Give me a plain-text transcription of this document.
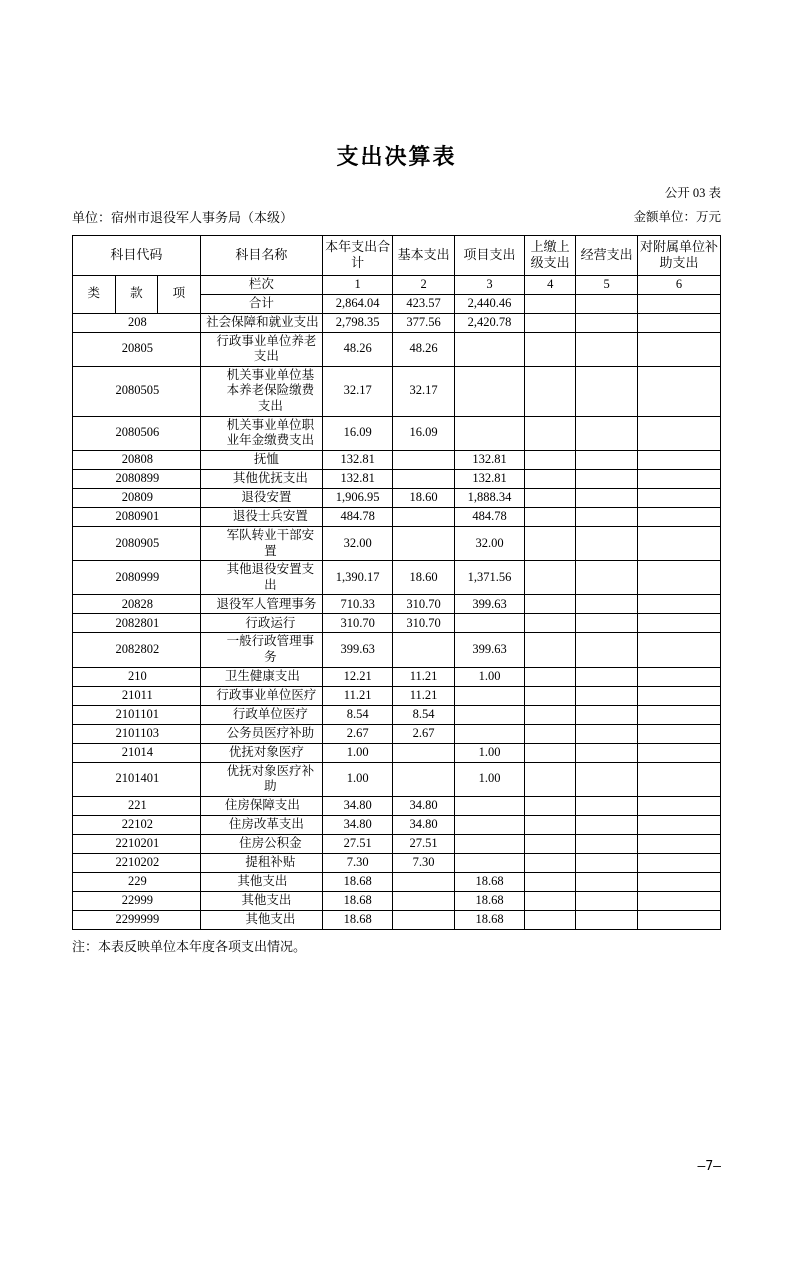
支出决算表
公开 03 表
单位：宿州市退役军人事务局（本级）	金额单位：万元
科目代码			科目名称	本年支出合计	基本支出	项目支出	上缴上级支出	经营支出	对附属单位补助支出

类	款	项	栏次	1	2	3	4	5	6
			合计	2,864.04	423.57	2,440.46			
208			社会保障和就业支出	2,798.35	377.56	2,420.78			
20805			行政事业单位养老支出	48.26	48.26				
2080505			机关事业单位基本养老保险缴费支出	32.17	32.17				
2080506			机关事业单位职业年金缴费支出	16.09	16.09				
20808			抚恤	132.81		132.81			
2080899			其他优抚支出	132.81		132.81			
20809			退役安置	1,906.95	18.60	1,888.34			
2080901			退役士兵安置	484.78		484.78			
2080905			军队转业干部安置	32.00		32.00			
2080999			其他退役安置支出	1,390.17	18.60	1,371.56			
20828			退役军人管理事务	710.33	310.70	399.63			
2082801			行政运行	310.70	310.70				
2082802			一般行政管理事务	399.63		399.63			
210			卫生健康支出	12.21	11.21	1.00			
21011			行政事业单位医疗	11.21	11.21				
2101101			行政单位医疗	8.54	8.54				
2101103			公务员医疗补助	2.67	2.67				
21014			优抚对象医疗	1.00		1.00			
2101401			优抚对象医疗补助	1.00		1.00			
221			住房保障支出	34.80	34.80				
22102			住房改革支出	34.80	34.80				
2210201			住房公积金	27.51	27.51				
2210202			提租补贴	7.30	7.30				
229			其他支出	18.68		18.68			
22999			其他支出	18.68		18.68			
2299999			其他支出	18.68		18.68			
注：本表反映单位本年度各项支出情况。
—7—
